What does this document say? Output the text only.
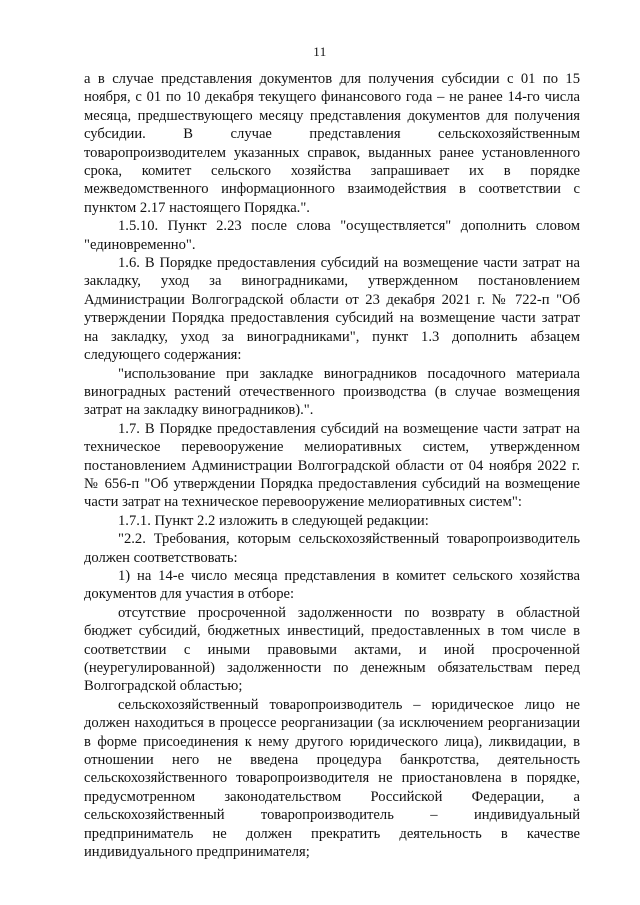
11

а в случае представления документов для получения субсидии с 01 по 15 ноября, с 01 по 10 декабря текущего финансового года – не ранее 14-го числа месяца, предшествующего месяцу представления документов для получения субсидии. В случае представления сельскохозяйственным товаропроизводителем указанных справок, выданных ранее установленного срока, комитет сельского хозяйства запрашивает их в порядке межведомственного информационного взаимодействия в соответствии с пунктом 2.17 настоящего Порядка.".

1.5.10. Пункт 2.23 после слова "осуществляется" дополнить словом "единовременно".

1.6. В Порядке предоставления субсидий на возмещение части затрат на закладку, уход за виноградниками, утвержденном постановлением Администрации Волгоградской области от 23 декабря 2021 г. № 722-п "Об утверждении Порядка предоставления субсидий на возмещение части затрат на закладку, уход за виноградниками", пункт 1.3 дополнить абзацем следующего содержания:

"использование при закладке виноградников посадочного материала виноградных растений отечественного производства (в случае возмещения затрат на закладку виноградников).".

1.7. В Порядке предоставления субсидий на возмещение части затрат на техническое перевооружение мелиоративных систем, утвержденном постановлением Администрации Волгоградской области от 04 ноября 2022 г. № 656-п "Об утверждении Порядка предоставления субсидий на возмещение части затрат на техническое перевооружение мелиоративных систем":

1.7.1. Пункт 2.2 изложить в следующей редакции:

"2.2. Требования, которым сельскохозяйственный товаропроизводитель должен соответствовать:

1) на 14-е число месяца представления в комитет сельского хозяйства документов для участия в отборе:

отсутствие просроченной задолженности по возврату в областной бюджет субсидий, бюджетных инвестиций, предоставленных в том числе в соответствии с иными правовыми актами, и иной просроченной (неурегулированной) задолженности по денежным обязательствам перед Волгоградской областью;

сельскохозяйственный товаропроизводитель – юридическое лицо не должен находиться в процессе реорганизации (за исключением реорганизации в форме присоединения к нему другого юридического лица), ликвидации, в отношении него не введена процедура банкротства, деятельность сельскохозяйственного товаропроизводителя не приостановлена в порядке, предусмотренном законодательством Российской Федерации, а сельскохозяйственный товаропроизводитель – индивидуальный предприниматель не должен прекратить деятельность в качестве индивидуального предпринимателя;
